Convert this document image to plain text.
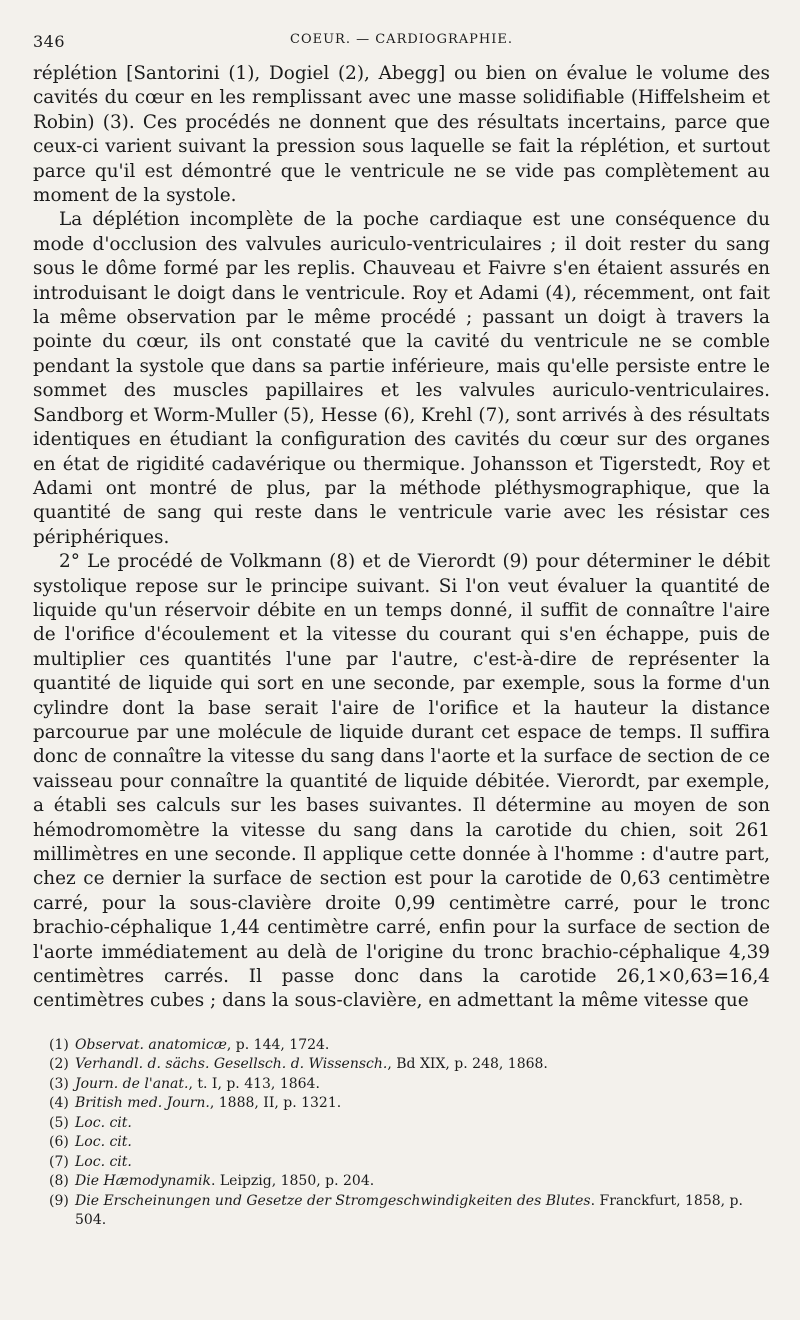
346	COEUR. — CARDIOGRAPHIE.

réplétion [Santorini (1), Dogiel (2), Abegg] ou bien on évalue le volume des cavités du cœur en les remplissant avec une masse solidifiable (Hiffelsheim et Robin) (3). Ces procédés ne donnent que des résultats incertains, parce que ceux-ci varient suivant la pression sous laquelle se fait la réplétion, et surtout parce qu'il est démontré que le ventricule ne se vide pas complètement au moment de la systole.

La déplétion incomplète de la poche cardiaque est une conséquence du mode d'occlusion des valvules auriculo-ventriculaires ; il doit rester du sang sous le dôme formé par les replis. Chauveau et Faivre s'en étaient assurés en introduisant le doigt dans le ventricule. Roy et Adami (4), récemment, ont fait la même observation par le même procédé ; passant un doigt à travers la pointe du cœur, ils ont constaté que la cavité du ventricule ne se comble pendant la systole que dans sa partie inférieure, mais qu'elle persiste entre le sommet des muscles papillaires et les valvules auriculo-ventriculaires. Sandborg et Worm-Muller (5), Hesse (6), Krehl (7), sont arrivés à des résultats identiques en étudiant la configuration des cavités du cœur sur des organes en état de rigidité cadavérique ou thermique. Johansson et Tigerstedt, Roy et Adami ont montré de plus, par la méthode pléthysmographique, que la quantité de sang qui reste dans le ventricule varie avec les résistar ces périphériques.

2° Le procédé de Volkmann (8) et de Vierordt (9) pour déterminer le débit systolique repose sur le principe suivant. Si l'on veut évaluer la quantité de liquide qu'un réservoir débite en un temps donné, il suffit de connaître l'aire de l'orifice d'écoulement et la vitesse du courant qui s'en échappe, puis de multiplier ces quantités l'une par l'autre, c'est-à-dire de représenter la quantité de liquide qui sort en une seconde, par exemple, sous la forme d'un cylindre dont la base serait l'aire de l'orifice et la hauteur la distance parcourue par une molécule de liquide durant cet espace de temps. Il suffira donc de connaître la vitesse du sang dans l'aorte et la surface de section de ce vaisseau pour connaître la quantité de liquide débitée. Vierordt, par exemple, a établi ses calculs sur les bases suivantes. Il détermine au moyen de son hémodromomètre la vitesse du sang dans la carotide du chien, soit 261 millimètres en une seconde. Il applique cette donnée à l'homme : d'autre part, chez ce dernier la surface de section est pour la carotide de 0,63 centimètre carré, pour la sous-clavière droite 0,99 centimètre carré, pour le tronc brachio-céphalique 1,44 centimètre carré, enfin pour la surface de section de l'aorte immédiatement au delà de l'origine du tronc brachio-céphalique 4,39 centimètres carrés. Il passe donc dans la carotide 26,1×0,63=16,4 centimètres cubes ; dans la sous-clavière, en admettant la même vitesse que

(1) Observat. anatomicæ, p. 144, 1724.
(2) Verhandl. d. sächs. Gesellsch. d. Wissensch., Bd XIX, p. 248, 1868.
(3) Journ. de l'anat., t. I, p. 413, 1864.
(4) British med. Journ., 1888, II, p. 1321.
(5) Loc. cit.
(6) Loc. cit.
(7) Loc. cit.
(8) Die Hæmodynamik. Leipzig, 1850, p. 204.
(9) Die Erscheinungen und Gesetze der Stromgeschwindigkeiten des Blutes. Franckfurt, 1858, p. 504.
